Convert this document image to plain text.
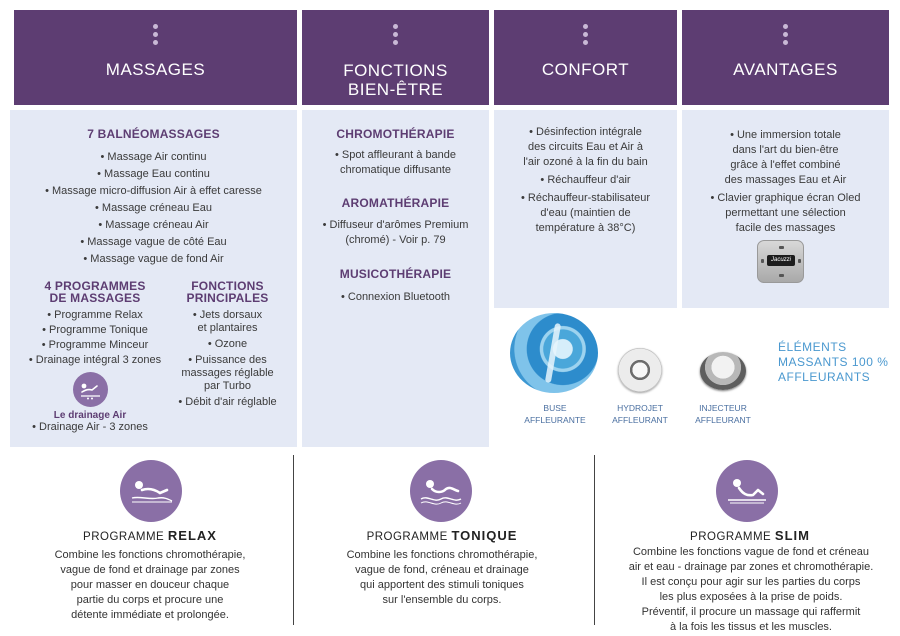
MASSAGES	FONCTIONS
BIEN-ÊTRE
CONFORT	AVANTAGES
7 BALNÉOMASSAGES
• Massage Air continu
• Massage Eau continu
• Massage micro-diffusion Air à effet caresse
• Massage créneau Eau
• Massage créneau Air
• Massage vague de côté Eau
• Massage vague de fond Air
4 PROGRAMMES
DE MASSAGES
• Programme Relax
• Programme Tonique
• Programme Minceur
• Drainage intégral 3 zones
FONCTIONS
PRINCIPALES
• Jets dorsaux
et plantaires
• Ozone
• Puissance des
massages réglable
par Turbo
• Débit d'air réglable
Le drainage Air
• Drainage Air - 3 zones
CHROMOTHÉRAPIE
• Spot affleurant à bande
chromatique diffusante
AROMATHÉRAPIE
• Diffuseur d'arômes Premium
(chromé) - Voir p. 79
MUSICOTHÉRAPIE
• Connexion Bluetooth
• Désinfection intégrale
des circuits Eau et Air à
l'air ozoné à la fin du bain
• Réchauffeur d'air
• Réchauffeur-stabilisateur
d'eau (maintien de
température à 38°C)
• Une immersion totale
dans l'art du bien-être
grâce à l'effet combiné
des massages Eau et Air
• Clavier graphique écran Oled
permettant une sélection
facile des massages
Jacuzzi
BUSE
AFFLEURANTE
HYDROJET
AFFLEURANT
INJECTEUR
AFFLEURANT
ÉLÉMENTS
MASSANTS 100 %
AFFLEURANTS
PROGRAMME RELAX	PROGRAMME TONIQUE	PROGRAMME SLIM
Combine les fonctions chromothérapie,
vague de fond et drainage par zones
pour masser en douceur chaque
partie du corps et procure une
détente immédiate et prolongée.
Combine les fonctions chromothérapie,
vague de fond, créneau et drainage
qui apportent des stimuli toniques
sur l'ensemble du corps.
Combine les fonctions vague de fond et créneau
air et eau - drainage par zones et chromothérapie.
Il est conçu pour agir sur les parties du corps
les plus exposées à la prise de poids.
Préventif, il procure un massage qui raffermit
à la fois les tissus et les muscles.
